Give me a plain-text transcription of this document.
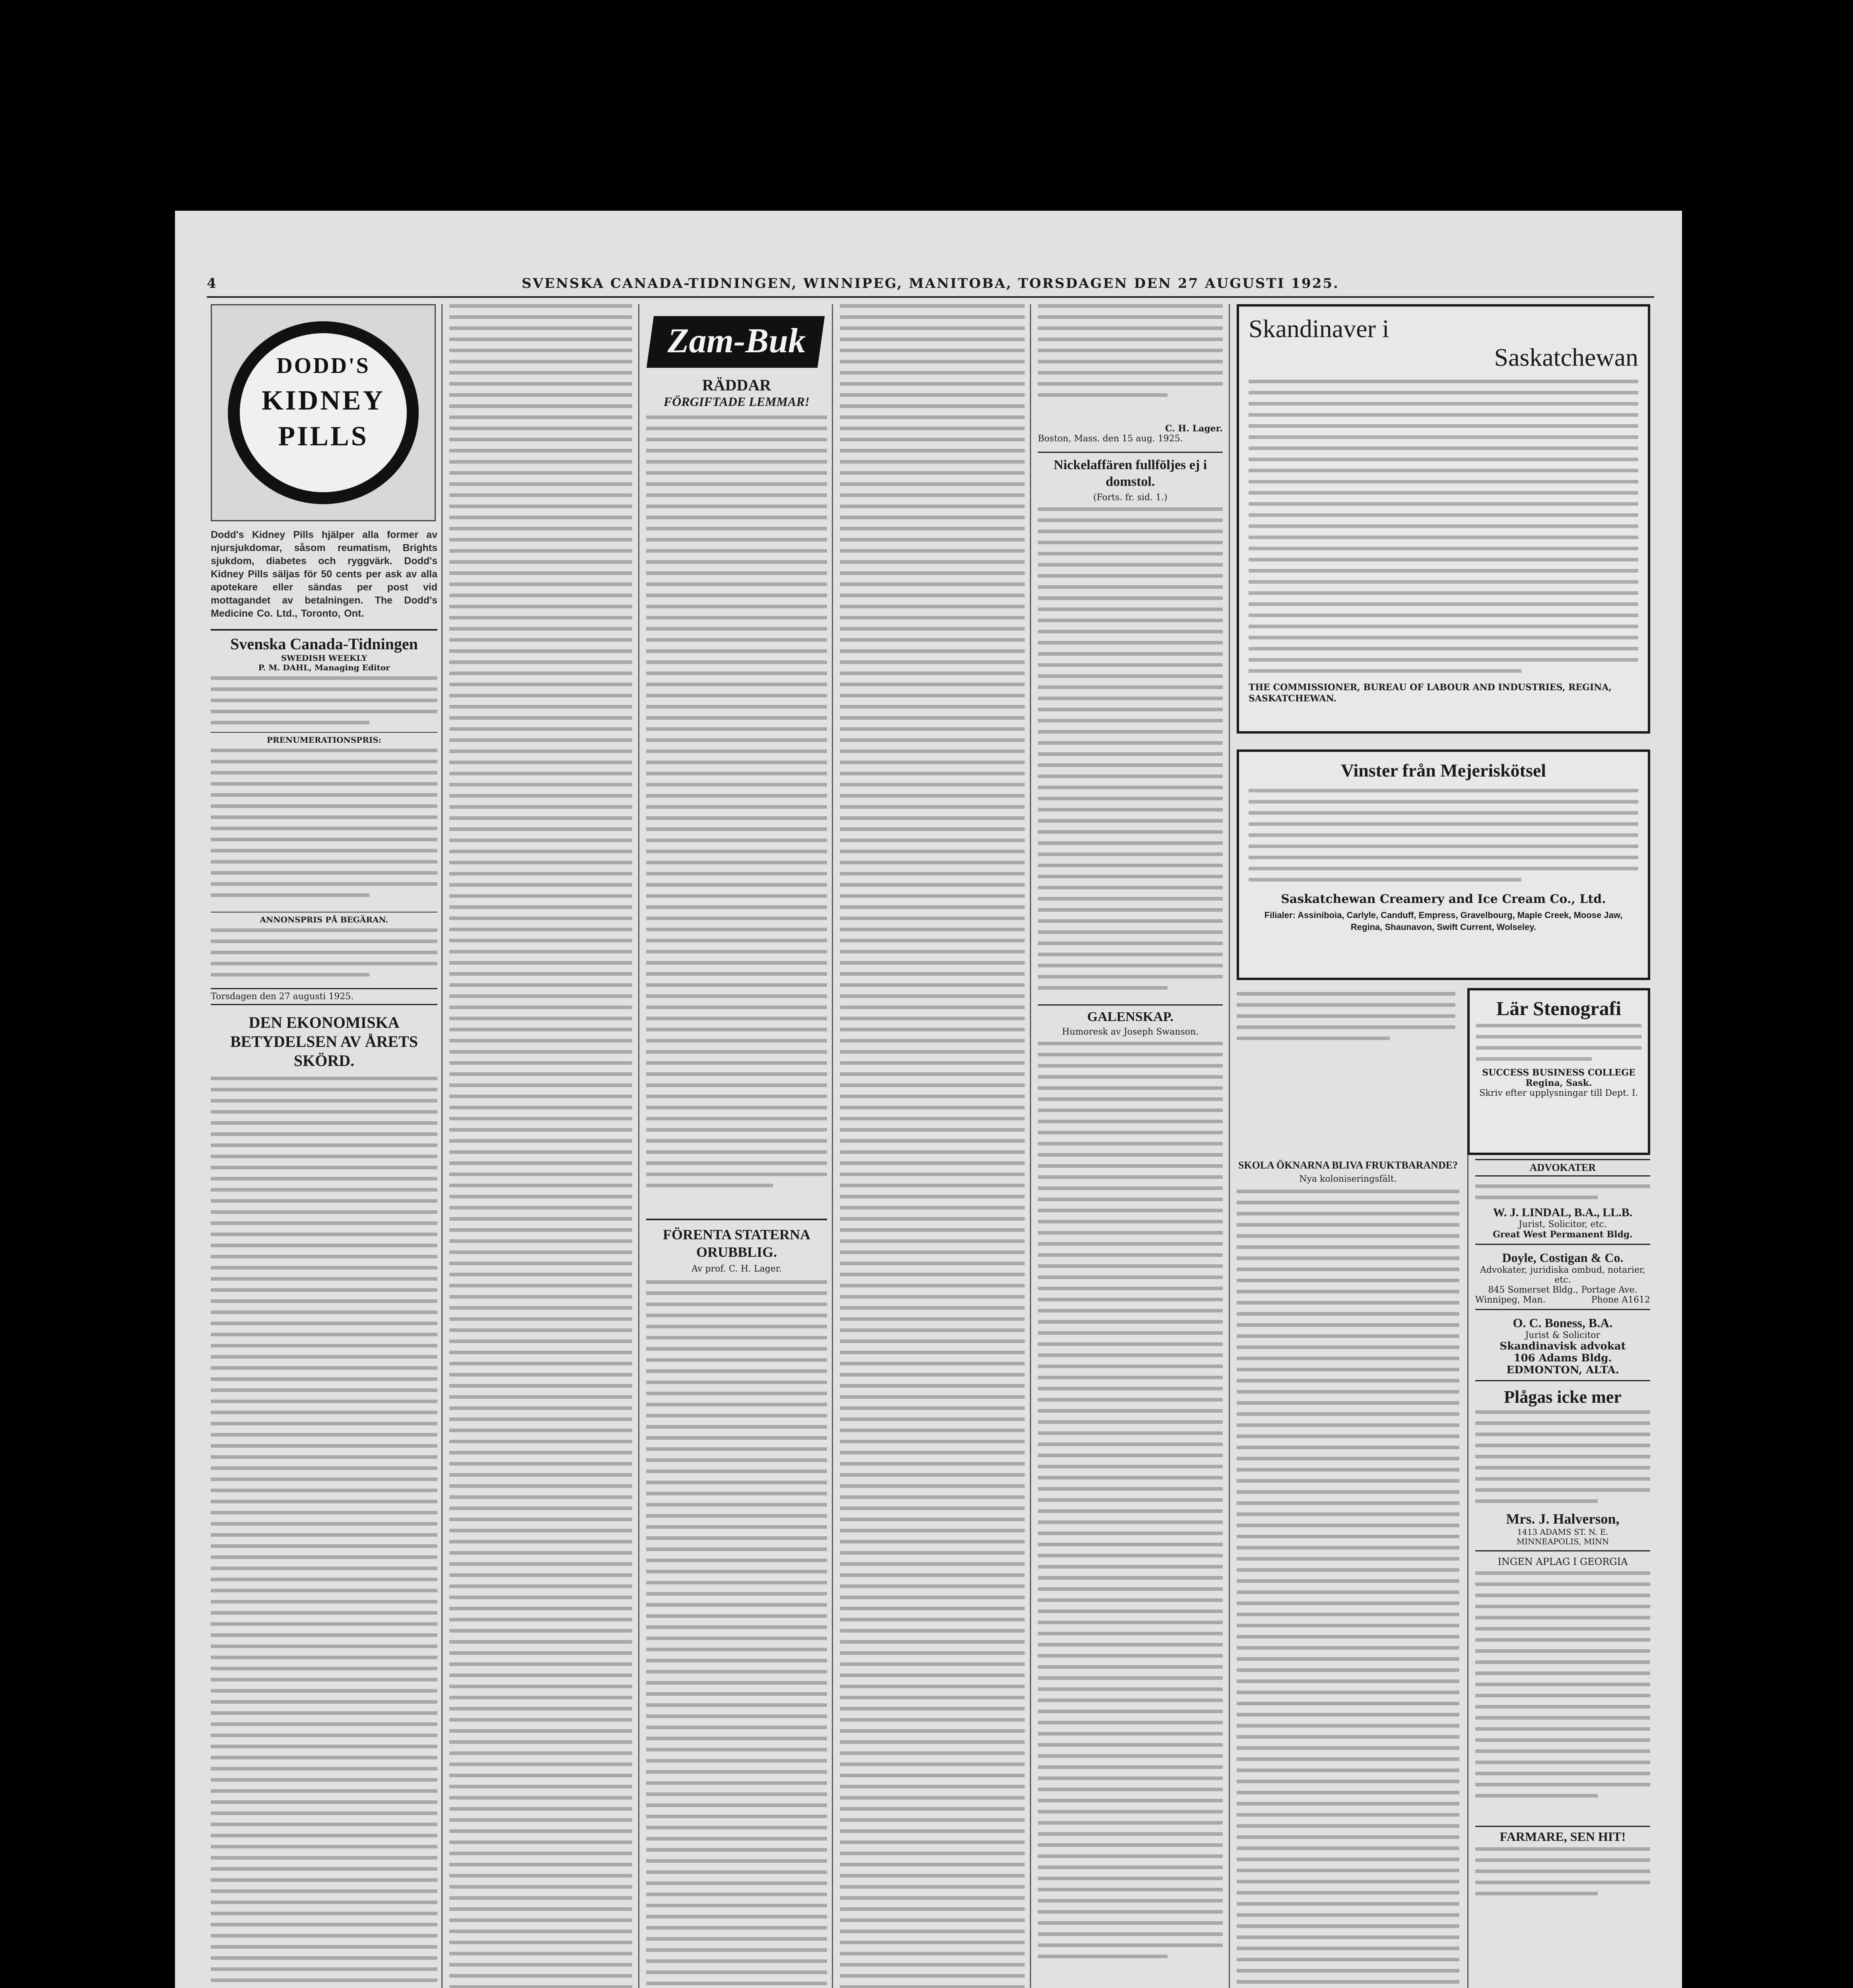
4	SVENSKA CANADA-TIDNINGEN, WINNIPEG, MANITOBA, TORSDAGEN DEN 27 AUGUSTI 1925.
DODD'S
KIDNEY
PILLS
Dodd's Kidney Pills hjälper alla former av njursjukdomar, såsom reumatism, Brights sjukdom, diabetes och ryggvärk. Dodd's Kidney Pills säljas för 50 cents per ask av alla apotekare eller sändas per post vid mottagandet av betalningen. The Dodd's Medicine Co. Ltd., Toronto, Ont.
Svenska Canada-Tidningen
SWEDISH WEEKLY
P. M. DAHL, Managing Editor
PRENUMERATIONSPRIS:
ANNONSPRIS PÅ BEGÄRAN.
Torsdagen den 27 augusti 1925.
DEN EKONOMISKA BETYDELSEN AV ÅRETS SKÖRD.
Zam-Buk
RÄDDAR
FÖRGIFTADE LEMMAR!
FÖRENTA STATERNA ORUBBLIG.
Av prof. C. H. Lager.
C. H. Lager.
Boston, Mass. den 15 aug. 1925.
Nickelaffären fullföljes ej i domstol.
(Forts. fr. sid. 1.)
GALENSKAP.
Humoresk av Joseph Swanson.
Skandinaver i
Saskatchewan
THE COMMISSIONER, BUREAU OF LABOUR AND INDUSTRIES, REGINA, SASKATCHEWAN.
Vinster från Mejeriskötsel
Saskatchewan Creamery and Ice Cream Co., Ltd.
Filialer: Assiniboia, Carlyle, Canduff, Empress, Gravelbourg, Maple Creek, Moose Jaw, Regina, Shaunavon, Swift Current, Wolseley.
Lär Stenografi
SUCCESS BUSINESS COLLEGE
Regina, Sask.
Skriv efter upplysningar till Dept. I.
SKOLA ÖKNARNA BLIVA FRUKTBARANDE?
Nya koloniseringsfält.
ADVOKATER
W. J. LINDAL, B.A., LL.B.
Jurist, Solicitor, etc.
Great West Permanent Bldg.
Doyle, Costigan & Co.
Advokater, juridiska ombud, notarier, etc.
845 Somerset Bldg., Portage Ave.
Winnipeg, Man.	Phone A1612
O. C. Boness, B.A.
Jurist & Solicitor
Skandinavisk advokat
106 Adams Bldg.
EDMONTON, ALTA.
Plågas icke mer
Mrs. J. Halverson,
1413 ADAMS ST. N. E.
MINNEAPOLIS, MINN
INGEN APLAG I GEORGIA
FARMARE, SEN HIT!
